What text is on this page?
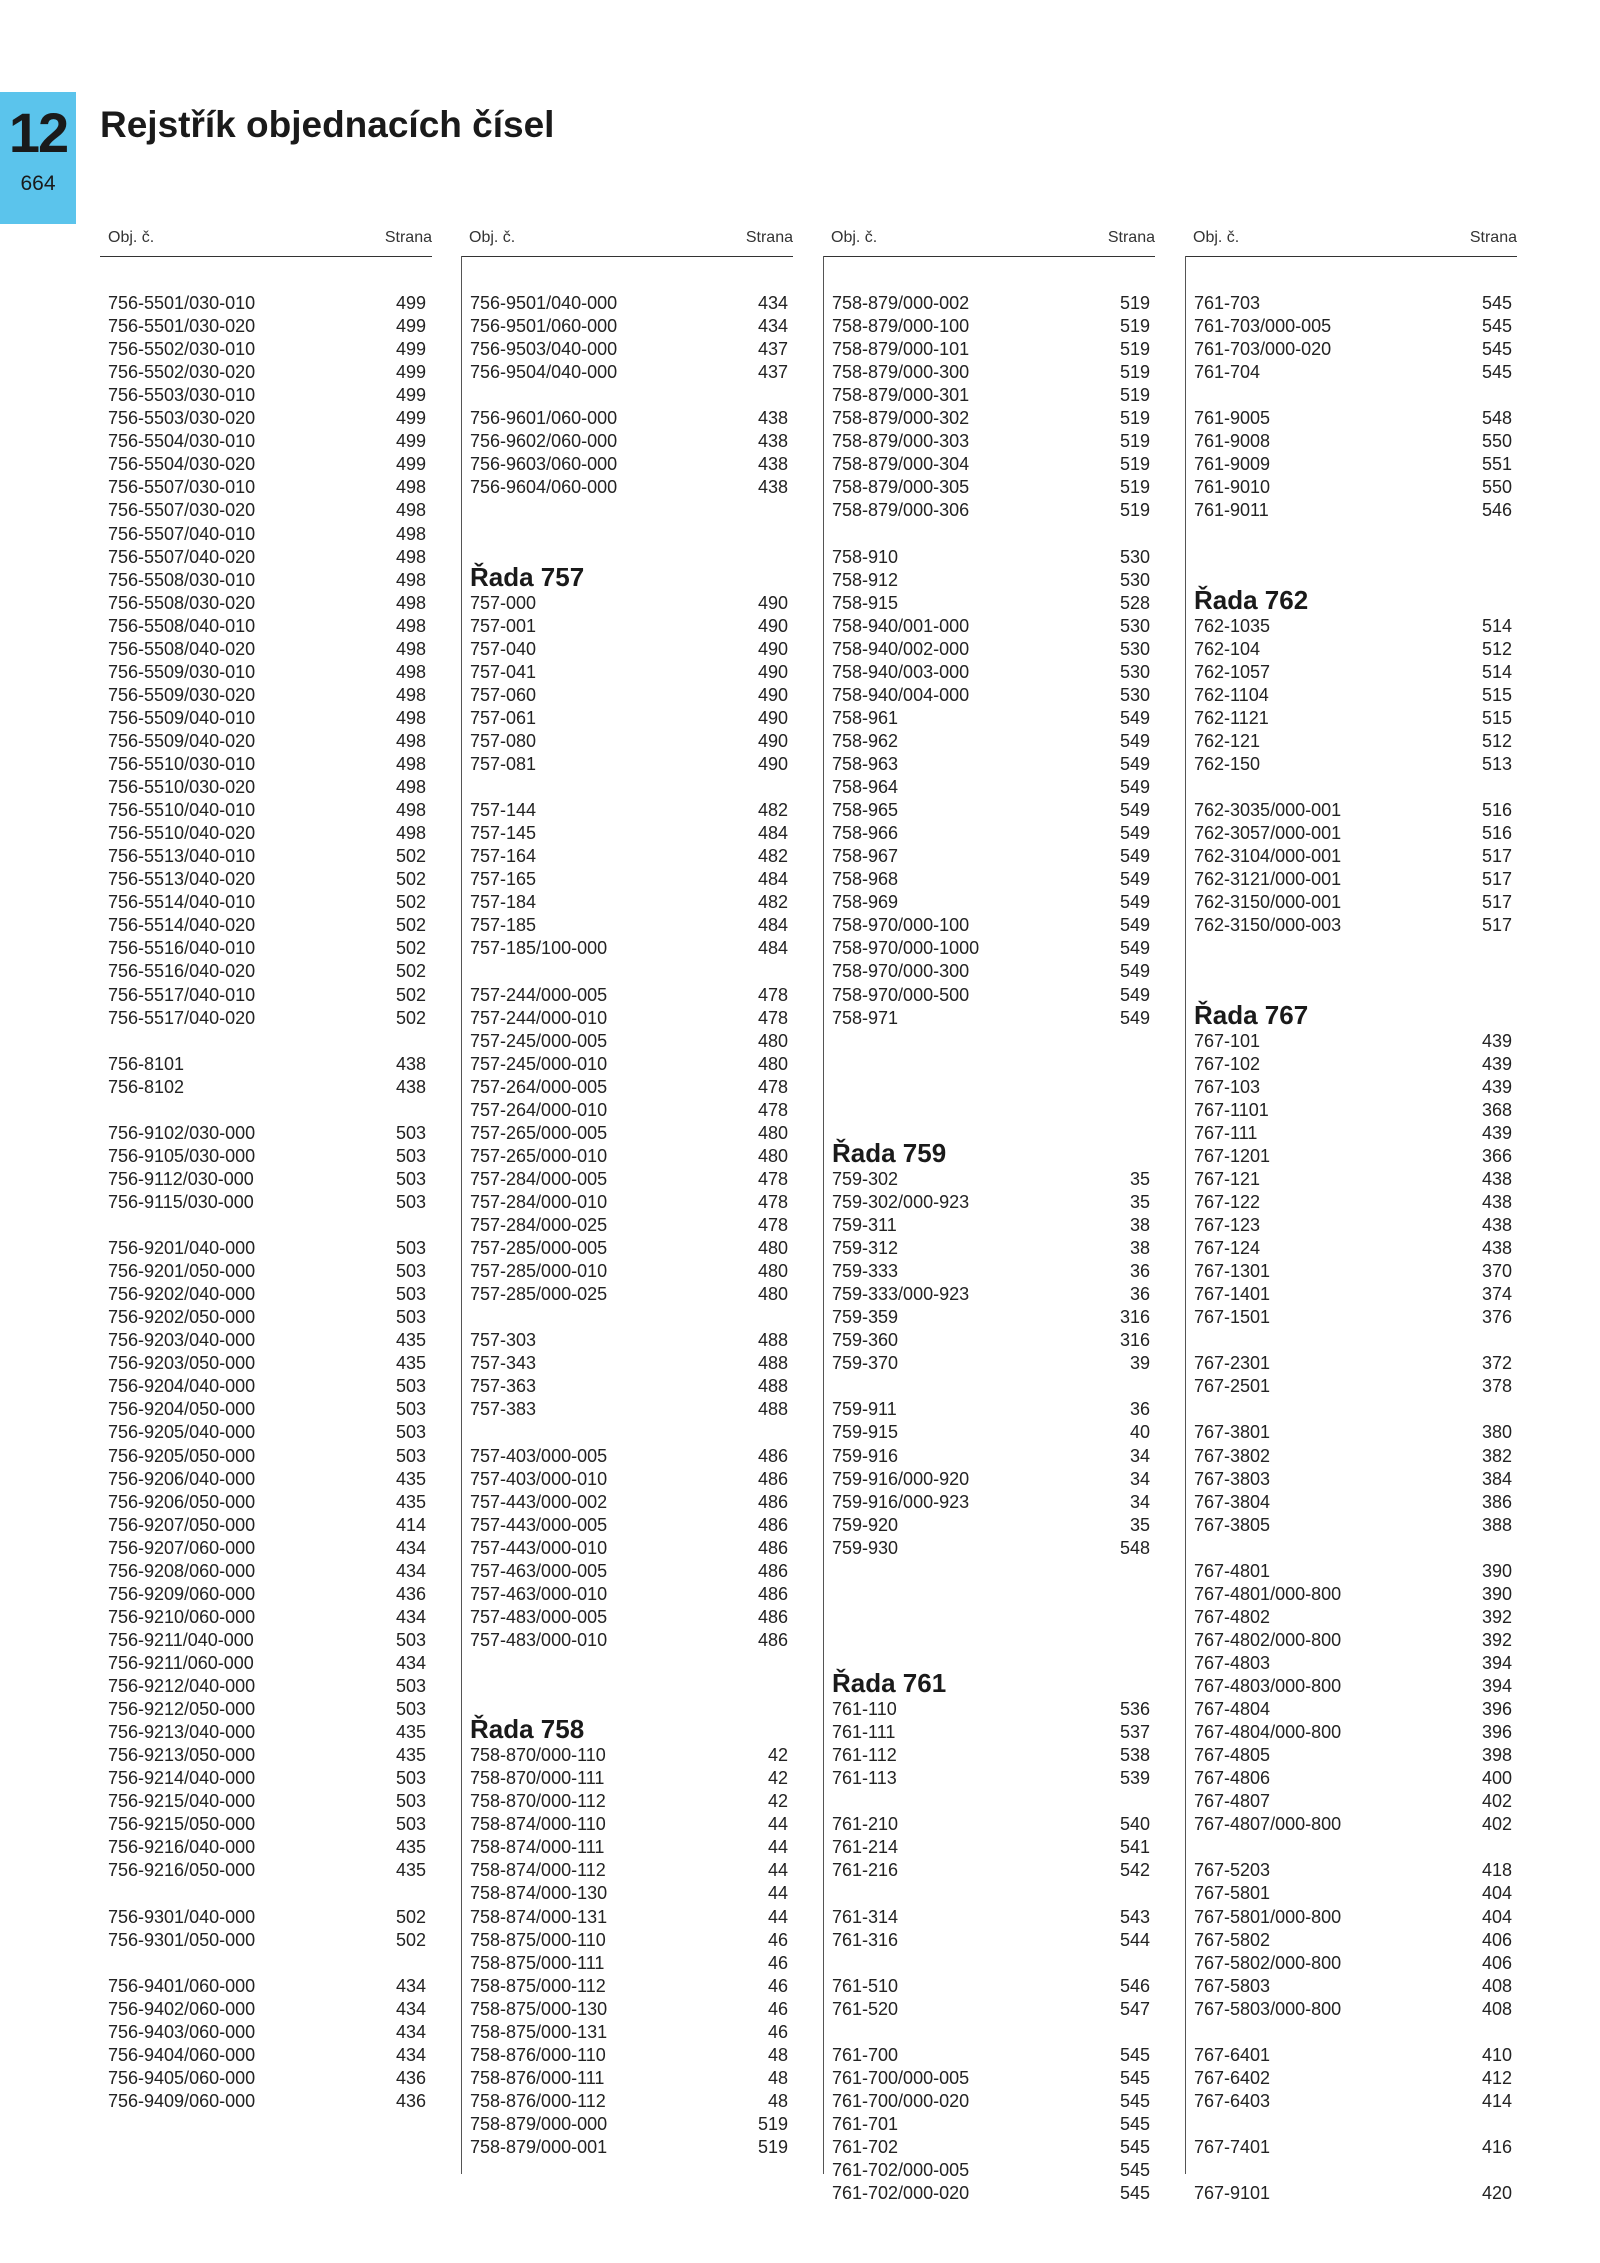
12
664
Rejstřík objednacích čísel
Obj. č.	Strana
756-5501/030-010	499
756-5501/030-020	499
756-5502/030-010	499
756-5502/030-020	499
756-5503/030-010	499
756-5503/030-020	499
756-5504/030-010	499
756-5504/030-020	499
756-5507/030-010	498
756-5507/030-020	498
756-5507/040-010	498
756-5507/040-020	498
756-5508/030-010	498
756-5508/030-020	498
756-5508/040-010	498
756-5508/040-020	498
756-5509/030-010	498
756-5509/030-020	498
756-5509/040-010	498
756-5509/040-020	498
756-5510/030-010	498
756-5510/030-020	498
756-5510/040-010	498
756-5510/040-020	498
756-5513/040-010	502
756-5513/040-020	502
756-5514/040-010	502
756-5514/040-020	502
756-5516/040-010	502
756-5516/040-020	502
756-5517/040-010	502
756-5517/040-020	502
756-8101	438
756-8102	438
756-9102/030-000	503
756-9105/030-000	503
756-9112/030-000	503
756-9115/030-000	503
756-9201/040-000	503
756-9201/050-000	503
756-9202/040-000	503
756-9202/050-000	503
756-9203/040-000	435
756-9203/050-000	435
756-9204/040-000	503
756-9204/050-000	503
756-9205/040-000	503
756-9205/050-000	503
756-9206/040-000	435
756-9206/050-000	435
756-9207/050-000	414
756-9207/060-000	434
756-9208/060-000	434
756-9209/060-000	436
756-9210/060-000	434
756-9211/040-000	503
756-9211/060-000	434
756-9212/040-000	503
756-9212/050-000	503
756-9213/040-000	435
756-9213/050-000	435
756-9214/040-000	503
756-9215/040-000	503
756-9215/050-000	503
756-9216/040-000	435
756-9216/050-000	435
756-9301/040-000	502
756-9301/050-000	502
756-9401/060-000	434
756-9402/060-000	434
756-9403/060-000	434
756-9404/060-000	434
756-9405/060-000	436
756-9409/060-000	436
Obj. č.	Strana
756-9501/040-000	434
756-9501/060-000	434
756-9503/040-000	437
756-9504/040-000	437
756-9601/060-000	438
756-9602/060-000	438
756-9603/060-000	438
756-9604/060-000	438
Řada 757
757-000	490
757-001	490
757-040	490
757-041	490
757-060	490
757-061	490
757-080	490
757-081	490
757-144	482
757-145	484
757-164	482
757-165	484
757-184	482
757-185	484
757-185/100-000	484
757-244/000-005	478
757-244/000-010	478
757-245/000-005	480
757-245/000-010	480
757-264/000-005	478
757-264/000-010	478
757-265/000-005	480
757-265/000-010	480
757-284/000-005	478
757-284/000-010	478
757-284/000-025	478
757-285/000-005	480
757-285/000-010	480
757-285/000-025	480
757-303	488
757-343	488
757-363	488
757-383	488
757-403/000-005	486
757-403/000-010	486
757-443/000-002	486
757-443/000-005	486
757-443/000-010	486
757-463/000-005	486
757-463/000-010	486
757-483/000-005	486
757-483/000-010	486
Řada 758
758-870/000-110	42
758-870/000-111	42
758-870/000-112	42
758-874/000-110	44
758-874/000-111	44
758-874/000-112	44
758-874/000-130	44
758-874/000-131	44
758-875/000-110	46
758-875/000-111	46
758-875/000-112	46
758-875/000-130	46
758-875/000-131	46
758-876/000-110	48
758-876/000-111	48
758-876/000-112	48
758-879/000-000	519
758-879/000-001	519
Obj. č.	Strana
758-879/000-002	519
758-879/000-100	519
758-879/000-101	519
758-879/000-300	519
758-879/000-301	519
758-879/000-302	519
758-879/000-303	519
758-879/000-304	519
758-879/000-305	519
758-879/000-306	519
758-910	530
758-912	530
758-915	528
758-940/001-000	530
758-940/002-000	530
758-940/003-000	530
758-940/004-000	530
758-961	549
758-962	549
758-963	549
758-964	549
758-965	549
758-966	549
758-967	549
758-968	549
758-969	549
758-970/000-100	549
758-970/000-1000	549
758-970/000-300	549
758-970/000-500	549
758-971	549
Řada 759
759-302	35
759-302/000-923	35
759-311	38
759-312	38
759-333	36
759-333/000-923	36
759-359	316
759-360	316
759-370	39
759-911	36
759-915	40
759-916	34
759-916/000-920	34
759-916/000-923	34
759-920	35
759-930	548
Řada 761
761-110	536
761-111	537
761-112	538
761-113	539
761-210	540
761-214	541
761-216	542
761-314	543
761-316	544
761-510	546
761-520	547
761-700	545
761-700/000-005	545
761-700/000-020	545
761-701	545
761-702	545
761-702/000-005	545
761-702/000-020	545
Obj. č.	Strana
761-703	545
761-703/000-005	545
761-703/000-020	545
761-704	545
761-9005	548
761-9008	550
761-9009	551
761-9010	550
761-9011	546
Řada 762
762-1035	514
762-104	512
762-1057	514
762-1104	515
762-1121	515
762-121	512
762-150	513
762-3035/000-001	516
762-3057/000-001	516
762-3104/000-001	517
762-3121/000-001	517
762-3150/000-001	517
762-3150/000-003	517
Řada 767
767-101	439
767-102	439
767-103	439
767-1101	368
767-111	439
767-1201	366
767-121	438
767-122	438
767-123	438
767-124	438
767-1301	370
767-1401	374
767-1501	376
767-2301	372
767-2501	378
767-3801	380
767-3802	382
767-3803	384
767-3804	386
767-3805	388
767-4801	390
767-4801/000-800	390
767-4802	392
767-4802/000-800	392
767-4803	394
767-4803/000-800	394
767-4804	396
767-4804/000-800	396
767-4805	398
767-4806	400
767-4807	402
767-4807/000-800	402
767-5203	418
767-5801	404
767-5801/000-800	404
767-5802	406
767-5802/000-800	406
767-5803	408
767-5803/000-800	408
767-6401	410
767-6402	412
767-6403	414
767-7401	416
767-9101	420
